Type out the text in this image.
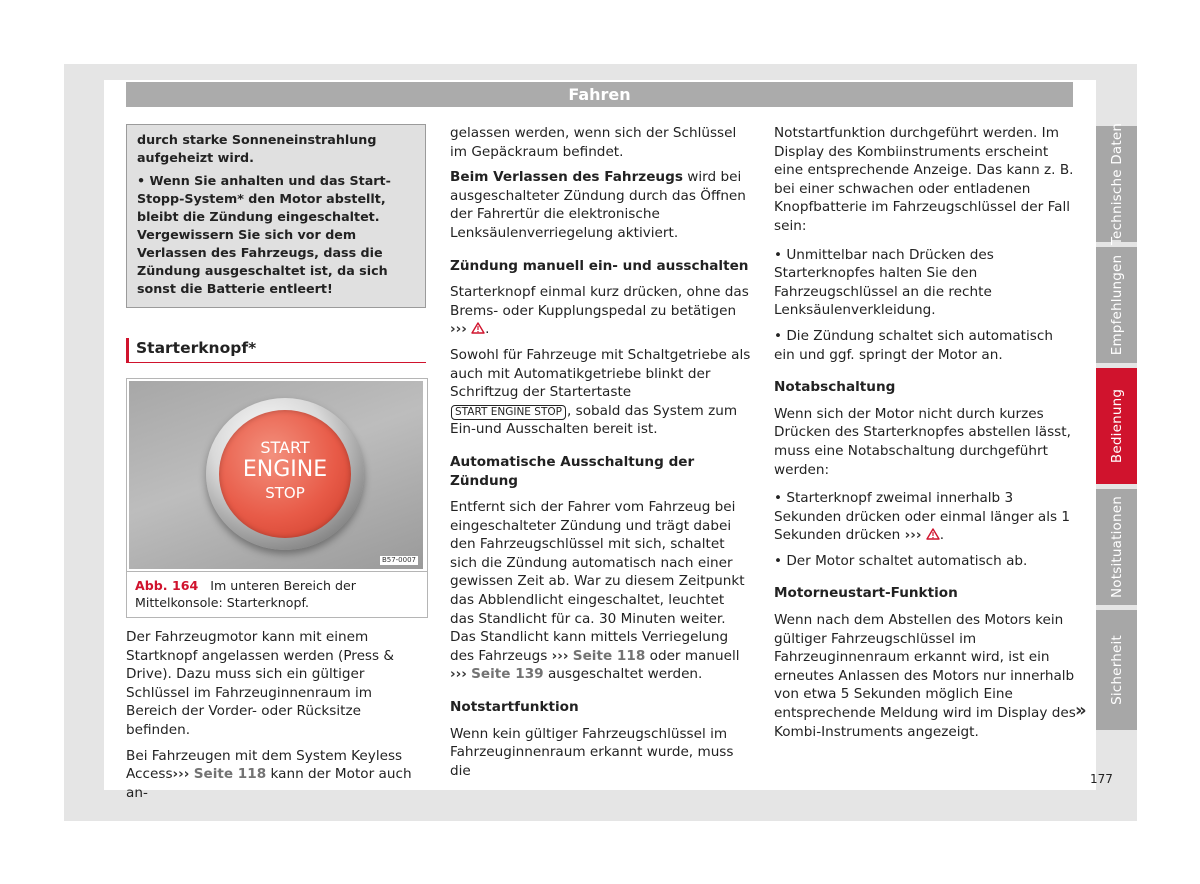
Fahren
Technische Daten
Empfehlungen
Bedienung
Notsituationen
Sicherheit

durch starke Sonneneinstrahlung aufgeheizt wird.

• Wenn Sie anhalten und das Start-Stopp-System* den Motor abstellt, bleibt die Zündung eingeschaltet. Vergewissern Sie sich vor dem Verlassen des Fahrzeugs, dass die Zündung ausgeschaltet ist, da sich sonst die Batterie entleert!

Starterknopf*
START
ENGINE
STOP
B57-0007
Abb. 164 Im unteren Bereich der Mittelkonsole: Starterknopf.

Der Fahrzeugmotor kann mit einem Startknopf angelassen werden (Press & Drive). Dazu muss sich ein gültiger Schlüssel im Fahrzeuginnenraum im Bereich der Vorder- oder Rücksitze befinden.

Bei Fahrzeugen mit dem System Keyless Access››› Seite 118 kann der Motor auch an-

gelassen werden, wenn sich der Schlüssel im Gepäckraum befindet.

Beim Verlassen des Fahrzeugs wird bei ausgeschalteter Zündung durch das Öffnen der Fahrertür die elektronische Lenksäulenverriegelung aktiviert.

Zündung manuell ein- und ausschalten

Starterknopf einmal kurz drücken, ohne das Brems- oder Kupplungspedal zu betätigen ››› .

Sowohl für Fahrzeuge mit Schaltgetriebe als auch mit Automatikgetriebe blinkt der Schriftzug der Startertaste START ENGINE STOP , sobald das System zum Ein-und Ausschalten bereit ist.

Automatische Ausschaltung der Zündung

Entfernt sich der Fahrer vom Fahrzeug bei eingeschalteter Zündung und trägt dabei den Fahrzeugschlüssel mit sich, schaltet sich die Zündung automatisch nach einer gewissen Zeit ab. War zu diesem Zeitpunkt das Abblendlicht eingeschaltet, leuchtet das Standlicht für ca. 30 Minuten weiter. Das Standlicht kann mittels Verriegelung des Fahrzeugs ››› Seite 118 oder manuell ››› Seite 139 ausgeschaltet werden.

Notstartfunktion

Wenn kein gültiger Fahrzeugschlüssel im Fahrzeuginnenraum erkannt wurde, muss die

Notstartfunktion durchgeführt werden. Im Display des Kombiinstruments erscheint eine entsprechende Anzeige. Das kann z. B. bei einer schwachen oder entladenen Knopfbatterie im Fahrzeugschlüssel der Fall sein:

• Unmittelbar nach Drücken des Starterknopfes halten Sie den Fahrzeugschlüssel an die rechte Lenksäulenverkleidung.

• Die Zündung schaltet sich automatisch ein und ggf. springt der Motor an.

Notabschaltung

Wenn sich der Motor nicht durch kurzes Drücken des Starterknopfes abstellen lässt, muss eine Notabschaltung durchgeführt werden:

• Starterknopf zweimal innerhalb 3 Sekunden drücken oder einmal länger als 1 Sekunden drücken ››› .

• Der Motor schaltet automatisch ab.

Motorneustart-Funktion

Wenn nach dem Abstellen des Motors kein gültiger Fahrzeugschlüssel im Fahrzeuginnenraum erkannt wird, ist ein erneutes Anlassen des Motors nur innerhalb von etwa 5 Sekunden möglich Eine entsprechende Meldung wird im Display des Kombi-Instruments angezeigt.

»
177
